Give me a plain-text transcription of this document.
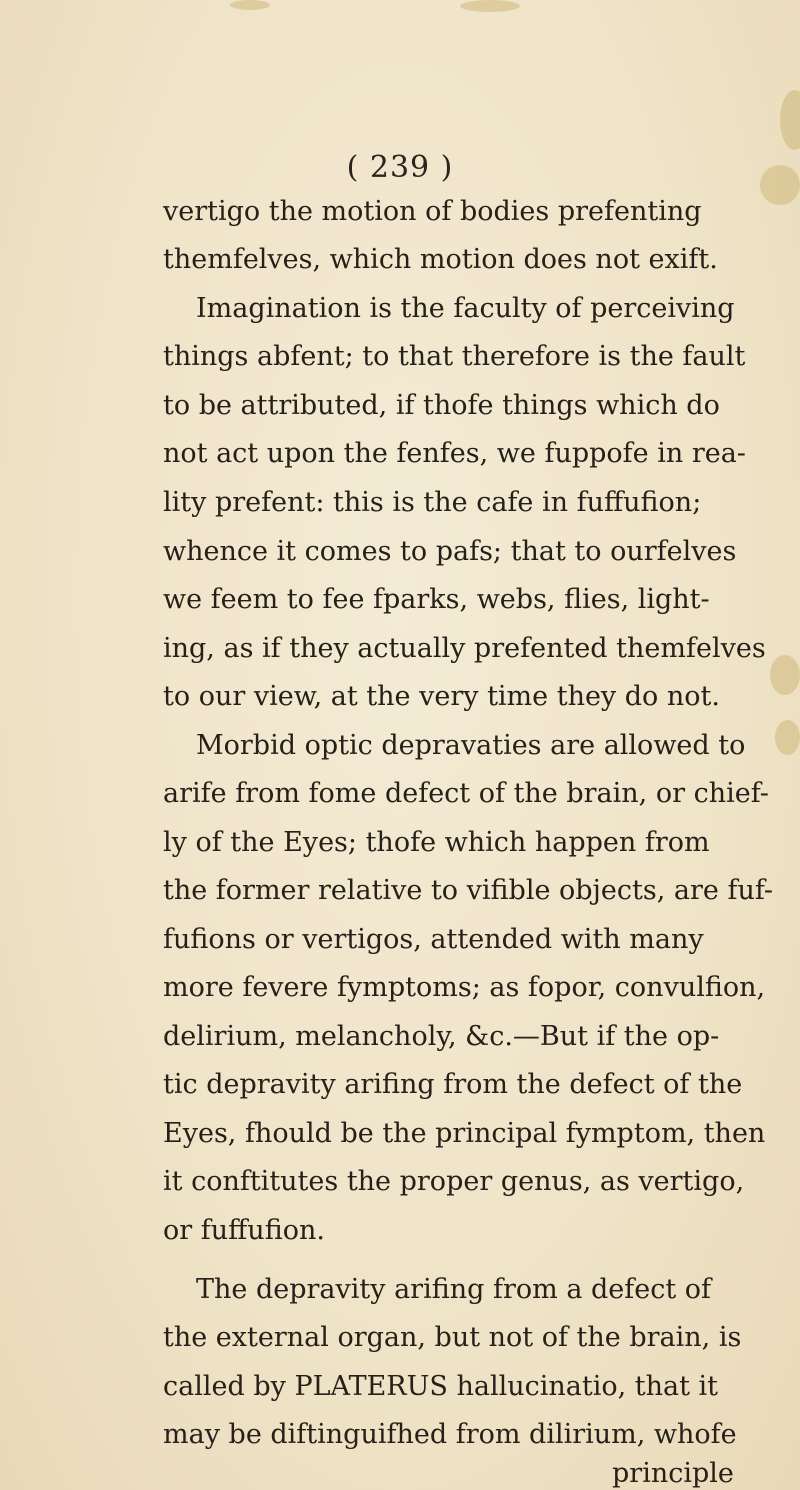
( 239 )
vertigo the motion of bodies prefenting
themfelves, which motion does not exift.
Imagination is the faculty of perceiving
things abfent; to that therefore is the fault
to be attributed, if thofe things which do
not act upon the fenfes, we fuppofe in rea-
lity prefent: this is the cafe in fuffufion;
whence it comes to pafs; that to ourfelves
we feem to fee fparks, webs, flies, light-
ing, as if they actually prefented themfelves
to our view, at the very time they do not.
Morbid optic depravaties are allowed to
arife from fome defect of the brain, or chief-
ly of the Eyes; thofe which happen from
the former relative to vifible objects, are fuf-
fufions or vertigos, attended with many
more fevere fymptoms; as fopor, convulfion,
delirium, melancholy, &c.—But if the op-
tic depravity arifing from the defect of the
Eyes, fhould be the principal fymptom, then
it conftitutes the proper genus, as vertigo,
or fuffufion.
The depravity arifing from a defect of
the external organ, but not of the brain, is
called by PLATERUS hallucinatio, that it
may be diftinguifhed from dilirium, whofe
principle
